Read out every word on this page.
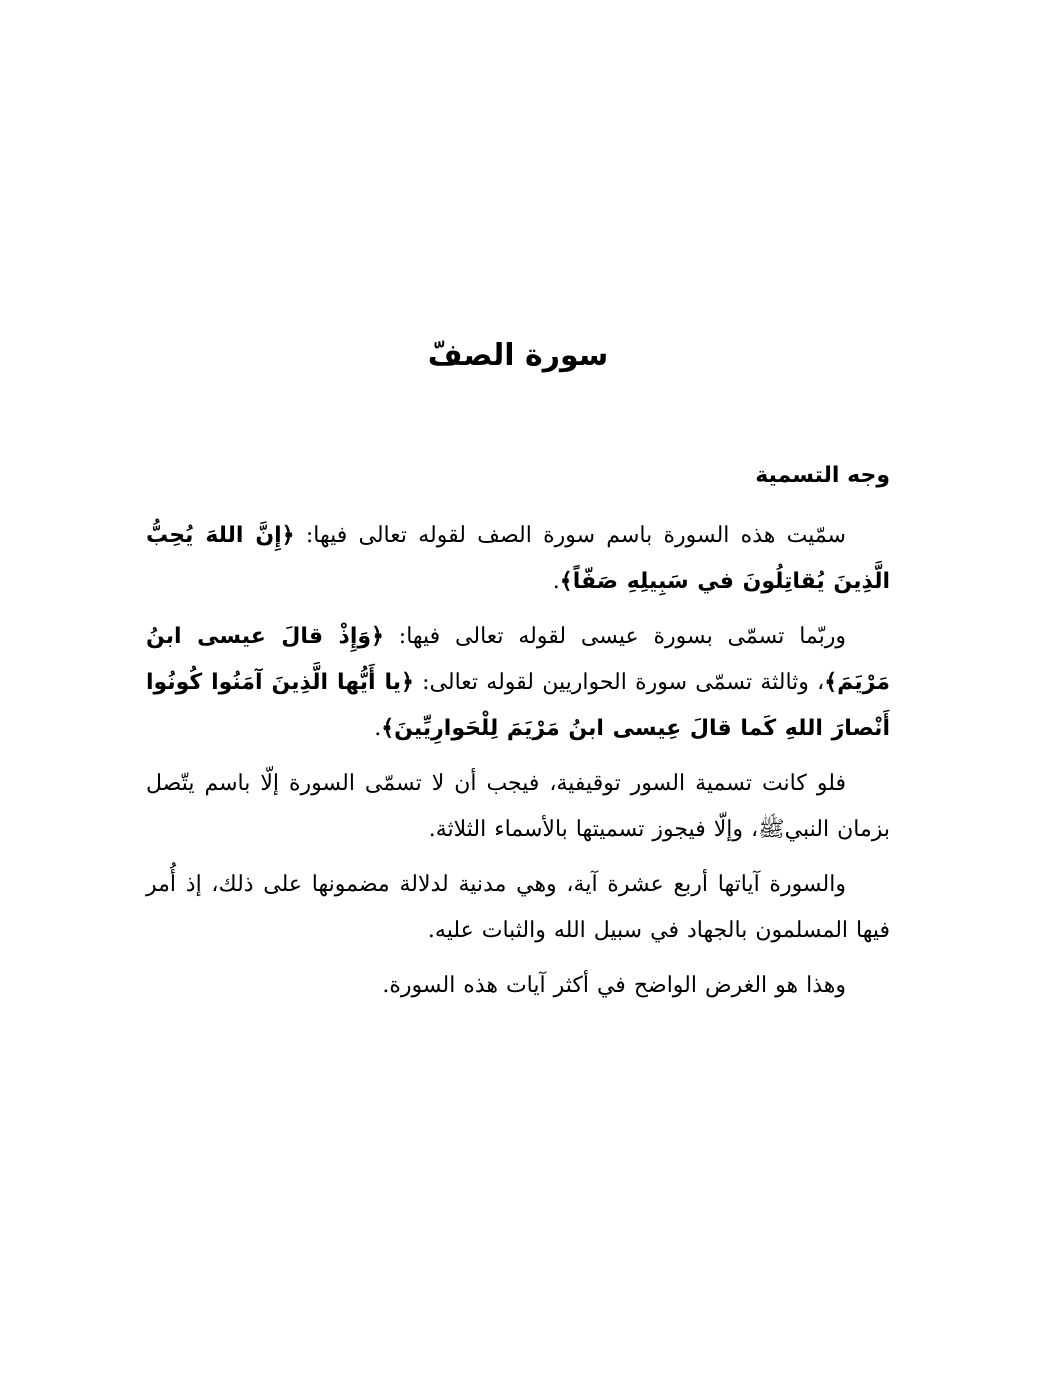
سورة الصفّ
وجه التسمية

سمّيت هذه السورة باسم سورة الصف لقوله تعالى فيها: ﴿إِنَّ اللهَ يُحِبُّ الَّذِينَ يُقاتِلُونَ في سَبِيلِهِ صَفّاً﴾.

وربّما تسمّى بسورة عيسى لقوله تعالى فيها: ﴿وَإِذْ قالَ عيسى ابنُ مَرْيَمَ﴾، وثالثة تسمّى سورة الحواريين لقوله تعالى: ﴿يا أَيُّها الَّذِينَ آمَنُوا كُونُوا أَنْصارَ اللهِ كَما قالَ عِيسى ابنُ مَرْيَمَ لِلْحَوارِيِّينَ﴾.

فلو كانت تسمية السور توقيفية، فيجب أن لا تسمّى السورة إلّا باسم يتّصل بزمان النبيﷺ، وإلّا فيجوز تسميتها بالأسماء الثلاثة.

والسورة آياتها أربع عشرة آية، وهي مدنية لدلالة مضمونها على ذلك، إذ أُمر فيها المسلمون بالجهاد في سبيل الله والثبات عليه.

وهذا هو الغرض الواضح في أكثر آيات هذه السورة.
